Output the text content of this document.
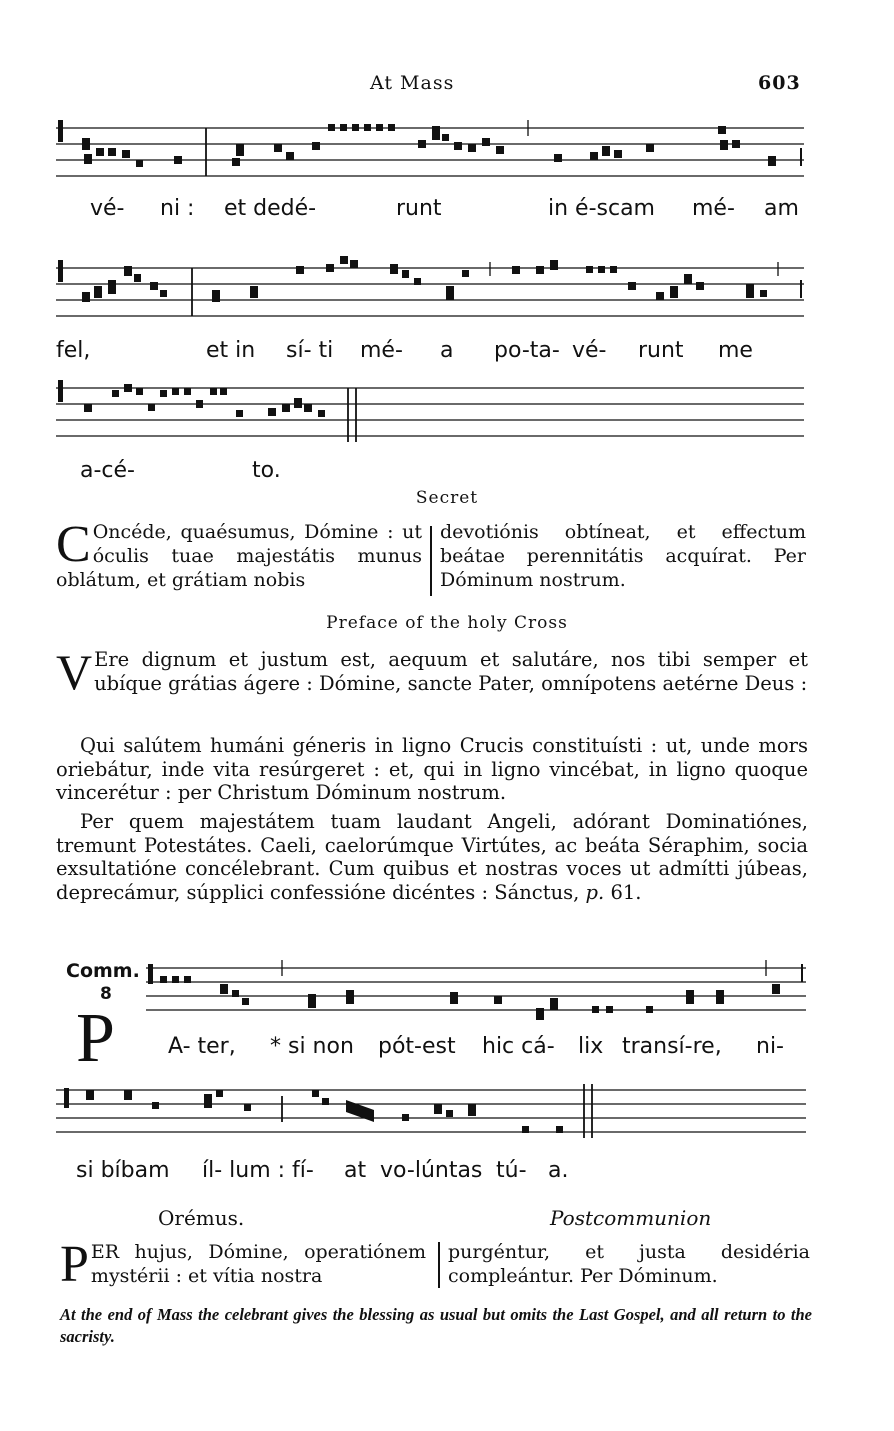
At Mass	603
vé- ni : et dedé-	runt	in é-scam mé- am
fel,	et in sí- ti mé- a po-ta- vé- runt me
a-cé-	to.
Secret
C Oncéde, quaésumus, Dómine : ut óculis tuae majestátis munus oblátum, et grátiam nobis
devotiónis obtíneat, et effectum beátae perennitátis acquírat. Per Dóminum nostrum.
Preface of the holy Cross
V Ere dignum et justum est, aequum et salutáre, nos tibi semper et ubíque grátias ágere : Dómine, sancte Pater, omnípotens aetérne Deus :
Qui salútem humáni géneris in ligno Crucis constituísti : ut, unde mors oriebátur, inde vita resúrgeret : et, qui in ligno vincébat, in ligno quoque vincerétur : per Christum Dóminum nostrum.
Per quem majestátem tuam laudant Angeli, adórant Dominatiónes, tremunt Potestátes. Caeli, caelorúmque Virtútes, ac beáta Séraphim, socia exsultatióne concélebrant. Cum quibus et nostras voces ut admítti júbeas, deprecámur, súpplici confessióne dicéntes : Sánctus, p. 61.
Comm.
8
P A- ter, * si non pót-est hic cá- lix transí-re, ni-
si bíbam íl- lum : fí- at vo-lúntas tú- a.
Orémus.	Postcommunion
PER hujus, Dómine, operatiónem mystérii : et vítia nostra
purgéntur, et justa desidéria compleántur. Per Dóminum.
At the end of Mass the celebrant gives the blessing as usual but omits the Last Gospel, and all return to the sacristy.
